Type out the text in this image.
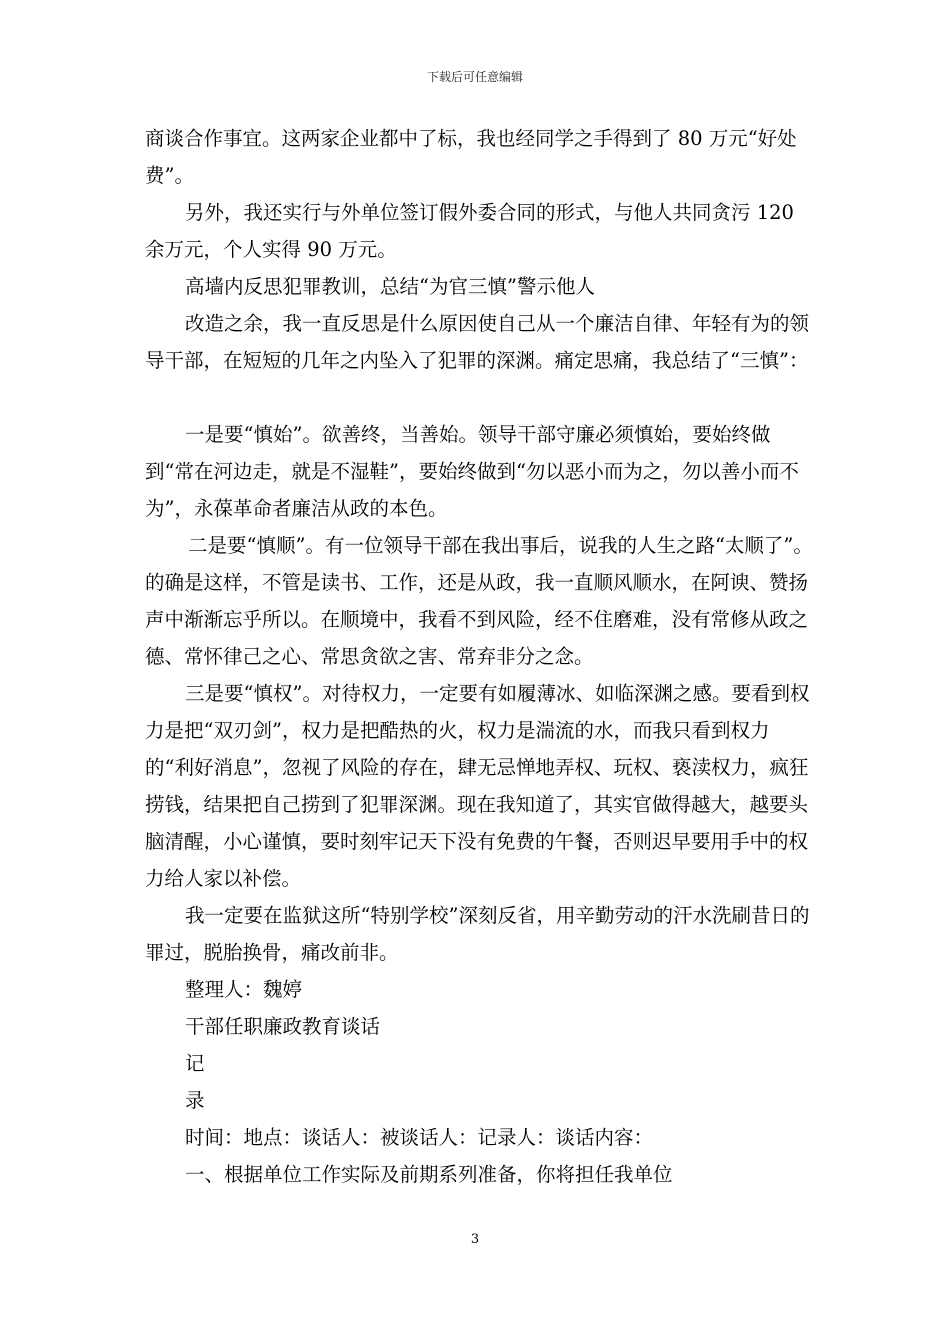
下载后可任意编辑

商谈合作事宜。这两家企业都中了标，我也经同学之手得到了 80 万元“好处费”。

另外，我还实行与外单位签订假外委合同的形式，与他人共同贪污 120 余万元，个人实得 90 万元。

高墙内反思犯罪教训，总结“为官三慎”警示他人

改造之余，我一直反思是什么原因使自己从一个廉洁自律、年轻有为的领导干部，在短短的几年之内坠入了犯罪的深渊。痛定思痛，我总结了“三慎”：

一是要“慎始”。欲善终，当善始。领导干部守廉必须慎始，要始终做到“常在河边走，就是不湿鞋”，要始终做到“勿以恶小而为之，勿以善小而不为”，永葆革命者廉洁从政的本色。

二是要“慎顺”。有一位领导干部在我出事后，说我的人生之路“太顺了”。的确是这样，不管是读书、工作，还是从政，我一直顺风顺水，在阿谀、赞扬声中渐渐忘乎所以。在顺境中，我看不到风险，经不住磨难，没有常修从政之德、常怀律己之心、常思贪欲之害、常弃非分之念。

三是要“慎权”。对待权力，一定要有如履薄冰、如临深渊之感。要看到权力是把“双刃剑”，权力是把酷热的火，权力是湍流的水，而我只看到权力的“利好消息”，忽视了风险的存在，肆无忌惮地弄权、玩权、亵渎权力，疯狂捞钱，结果把自己捞到了犯罪深渊。现在我知道了，其实官做得越大，越要头脑清醒，小心谨慎，要时刻牢记天下没有免费的午餐，否则迟早要用手中的权力给人家以补偿。

我一定要在监狱这所“特别学校”深刻反省，用辛勤劳动的汗水洗刷昔日的罪过，脱胎换骨，痛改前非。

整理人：魏婷

干部任职廉政教育谈话

记

录

时间：地点：谈话人：被谈话人：记录人：谈话内容：

一、根据单位工作实际及前期系列准备，你将担任我单位

3
